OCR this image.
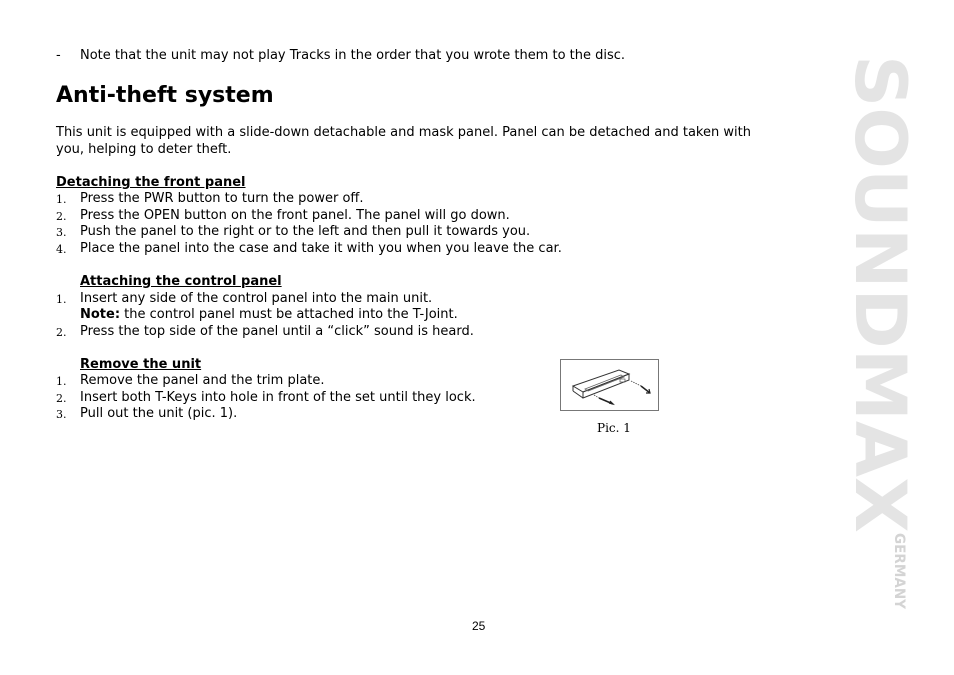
- Note that the unit may not play Tracks in the order that you wrote them to the disc.
Anti-theft system
This unit is equipped with a slide-down detachable and mask panel. Panel can be detached and taken with
you, helping to deter theft.
Detaching the front panel
1. Press the PWR button to turn the power off.
2. Press the OPEN button on the front panel. The panel will go down.
3. Push the panel to the right or to the left and then pull it towards you.
4. Place the panel into the case and take it with you when you leave the car.
Attaching the control panel
1. Insert any side of the control panel into the main unit.
Note: the control panel must be attached into the T-Joint.
2. Press the top side of the panel until a “click” sound is heard.
Remove the unit
1. Remove the panel and the trim plate.
2. Insert both T-Keys into hole in front of the set until they lock.
3. Pull out the unit (pic. 1).
Pic. 1	SOUNDMAX
GERMANY
25
